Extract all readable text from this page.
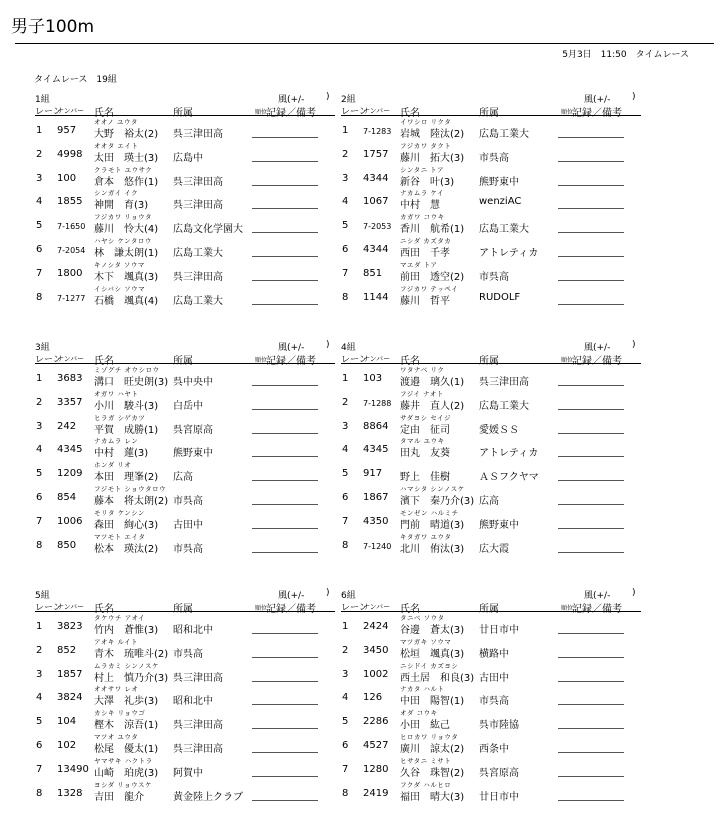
男子100m
5月3日　11:50　タイムレース
タイムレース　19組
1組	風(+/- )
レーン
ナンバー 氏名	所属	順位
記録／備考
オオノ ユウタ
1 957 大野　裕太(2) 呉三津田高
オオタ エイト
2 4998 太田　瑛士(3) 広島中
クラモト ユウサク
3 100 倉本　悠作(1) 呉三津田高
シンガイ イク
4 1855 神開　育(3) 呉三津田高
フジカワ リョウタ
5 7-1650 藤川　怜大(4) 広島文化学園大
ハヤシ ケンタロウ
6 7-2054 林　謙太朗(1) 広島工業大
キノシタ ソウマ
7 1800 木下　颯真(3) 呉三津田高
イシバシ ソウマ
8 7-1277 石橋　颯真(4) 広島工業大
2組	風(+/- )
レーン
ナンバー 氏名	所属	順位
記録／備考
イワシロ リクタ
1 7-1283 岩城　陸汰(2) 広島工業大
フジカワ タクト
2 1757 藤川　拓大(3) 市呉高
シンタニ トア
3 4344 新谷　叶(3) 熊野東中
ナカムラ ケイ
4 1067 中村　慧	wenziAC
カガワ コウキ
5 7-2053 香川　航希(1) 広島工業大
ニシダ カズタカ
6 4344 西田　千孝	アトレティカ
マエダ トア
7 851 前田　透空(2) 市呉高
フジカワ テッペイ
8 1144 藤川　哲平	RUDOLF
3組	風(+/- )
レーン
ナンバー 氏名	所属	順位
記録／備考
ミゾグチ オウシロウ
1 3683 溝口　旺史朗(3) 呉中央中
オガワ ハヤト
2 3357 小川　駿斗(3) 白岳中
ヒラガ シゲカツ
3 242 平賀　成勝(1) 呉宮原高
ナカムラ レン
4 4345 中村　蓮(3) 熊野東中
ホンダ リオ
5 1209 本田　理峯(2) 広高
フジモト ショウタロウ
6 854 藤本　将太朗(2) 市呉高
モリタ ケンシン
7 1006 森田　絢心(3) 古田中
マツモト エイタ
8 850 松本　瑛汰(2) 市呉高
4組	風(+/- )
レーン
ナンバー 氏名	所属	順位
記録／備考
ワタナベ リク
1 103 渡邉　璃久(1) 呉三津田高
フジイ ナオト
2 7-1288 藤井　直人(2) 広島工業大
サダヨシ セイジ
3 8864 定由　征司	愛媛ＳＳ
タマル ユウキ
4 4345 田丸　友葵	アトレティカ
5 917 野上　佳樹	ＡＳフクヤマ
ハマシタ シンノスケ
6 1867 濱下　秦乃介(3) 広高
モンゼン ハルミチ
7 4350 門前　晴道(3) 熊野東中
キタガワ ユウタ
8 7-1240 北川　侑汰(3) 広大霞
5組	風(+/- )
レーン
ナンバー 氏名	所属	順位
記録／備考
タケウチ アオイ
1 3823 竹内　蒼惟(3) 昭和北中
アオキ ルイト
2 852 青木　琉唯斗(2) 市呉高
ムラカミ シンノスケ
3 1857 村上　慎乃介(3) 呉三津田高
オオサワ レオ
4 3824 大澤　礼歩(3) 昭和北中
カシキ リョウゴ
5 104 樫木　涼吾(1) 呉三津田高
マツオ ユウタ
6 102 松尾　優太(1) 呉三津田高
ヤマサキ ハクトラ
7 13490 山崎　珀虎(3) 阿賀中
ヨシダ リョウスケ
8 1328 吉田　龍介	黄金陸上クラブ
6組	風(+/- )
レーン
ナンバー 氏名	所属	順位
記録／備考
タニベ ソウタ
1 2424 谷邊　蒼太(3) 廿日市中
マツガキ ソウマ
2 3450 松垣　颯真(3) 横路中
ニシドイ カズヨシ
3 1002 西土居　和良(3) 古田中
ナカタ ハルト
4 126 中田　陽智(1) 市呉高
オダ コウキ
5 2286 小田　紘己	呉市陸協
ヒロカワ リョウタ
6 4527 廣川　諒太(2) 西条中
ヒサタニ ミサト
7 1280 久谷　珠智(2) 呉宮原高
フクダ ハルヒロ
8 2419 福田　晴大(3) 廿日市中
